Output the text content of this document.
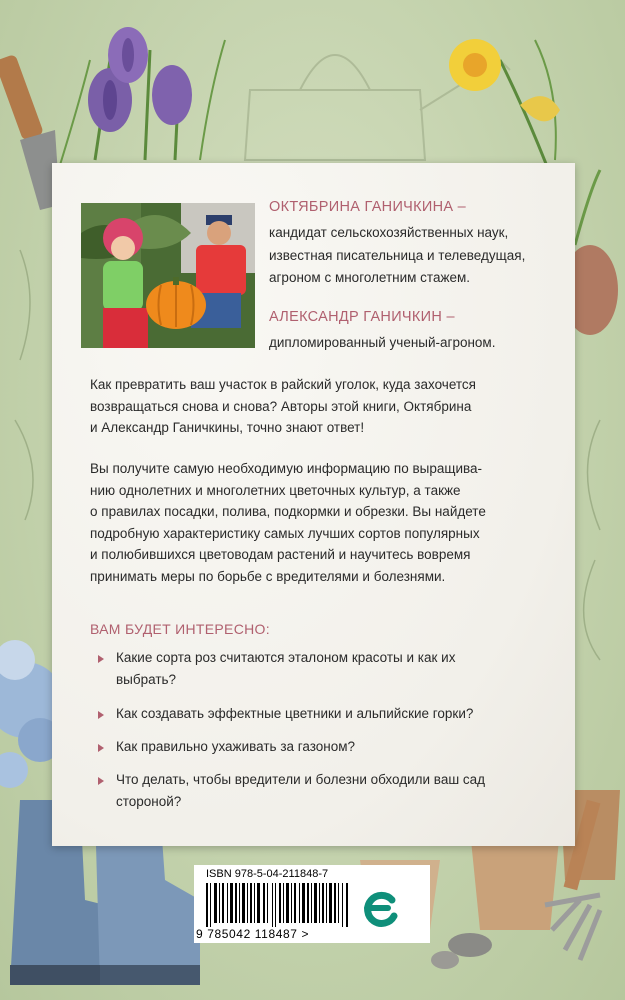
ОКТЯБРИНА ГАНИЧКИНА –
кандидат сельскохозяйственных наук,
известная писательница и телеведущая,
агроном с многолетним стажем.
АЛЕКСАНДР ГАНИЧКИН –
дипломированный ученый-агроном.
Как превратить ваш участок в райский уголок, куда захочется
возвращаться снова и снова? Авторы этой книги, Октябрина
и Александр Ганичкины, точно знают ответ!
Вы получите самую необходимую информацию по выращива-
нию однолетних и многолетних цветочных культур, а также
о правилах посадки, полива, подкормки и обрезки. Вы найдете
подробную характеристику самых лучших сортов популярных
и полюбившихся цветоводам растений и научитесь вовремя
принимать меры по борьбе с вредителями и болезнями.
ВАМ БУДЕТ ИНТЕРЕСНО:
Какие сорта роз считаются эталоном красоты и как их
выбрать?
Как создавать эффектные цветники и альпийские горки?
Как правильно ухаживать за газоном?
Что делать, чтобы вредители и болезни обходили ваш сад
стороной?
ISBN 978-5-04-211848-7
9 785042 118487 >
